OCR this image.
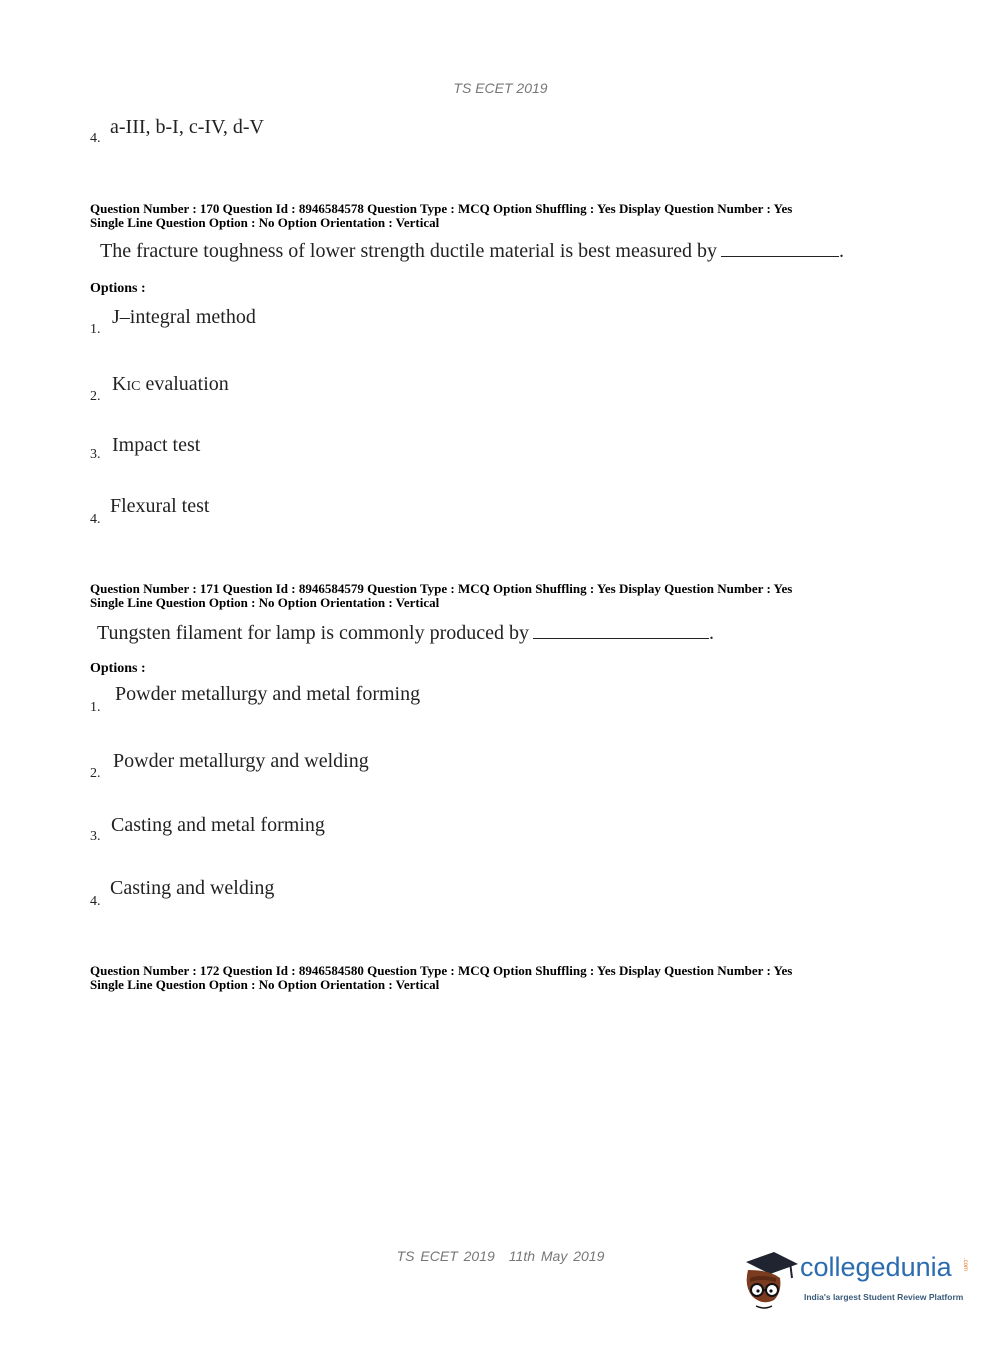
TS ECET 2019
4.
a-III, b-I, c-IV, d-V
Question Number : 170 Question Id : 8946584578 Question Type : MCQ Option Shuffling : Yes Display Question Number : Yes
Single Line Question Option : No Option Orientation : Vertical
The fracture toughness of lower strength ductile material is best measured by	.
Options :
1.
J–integral method
2.
KIC evaluation
3. Impact test
4.
Flexural test
Question Number : 171 Question Id : 8946584579 Question Type : MCQ Option Shuffling : Yes Display Question Number : Yes
Single Line Question Option : No Option Orientation : Vertical
Tungsten filament for lamp is commonly produced by	.
Options :
1.
Powder metallurgy and metal forming
2.
Powder metallurgy and welding
3.
Casting and metal forming
4.
Casting and welding
Question Number : 172 Question Id : 8946584580 Question Type : MCQ Option Shuffling : Yes Display Question Number : Yes
Single Line Question Option : No Option Orientation : Vertical
TS ECET 2019 11th May 2019	collegedunia .com
India's largest Student Review Platform
